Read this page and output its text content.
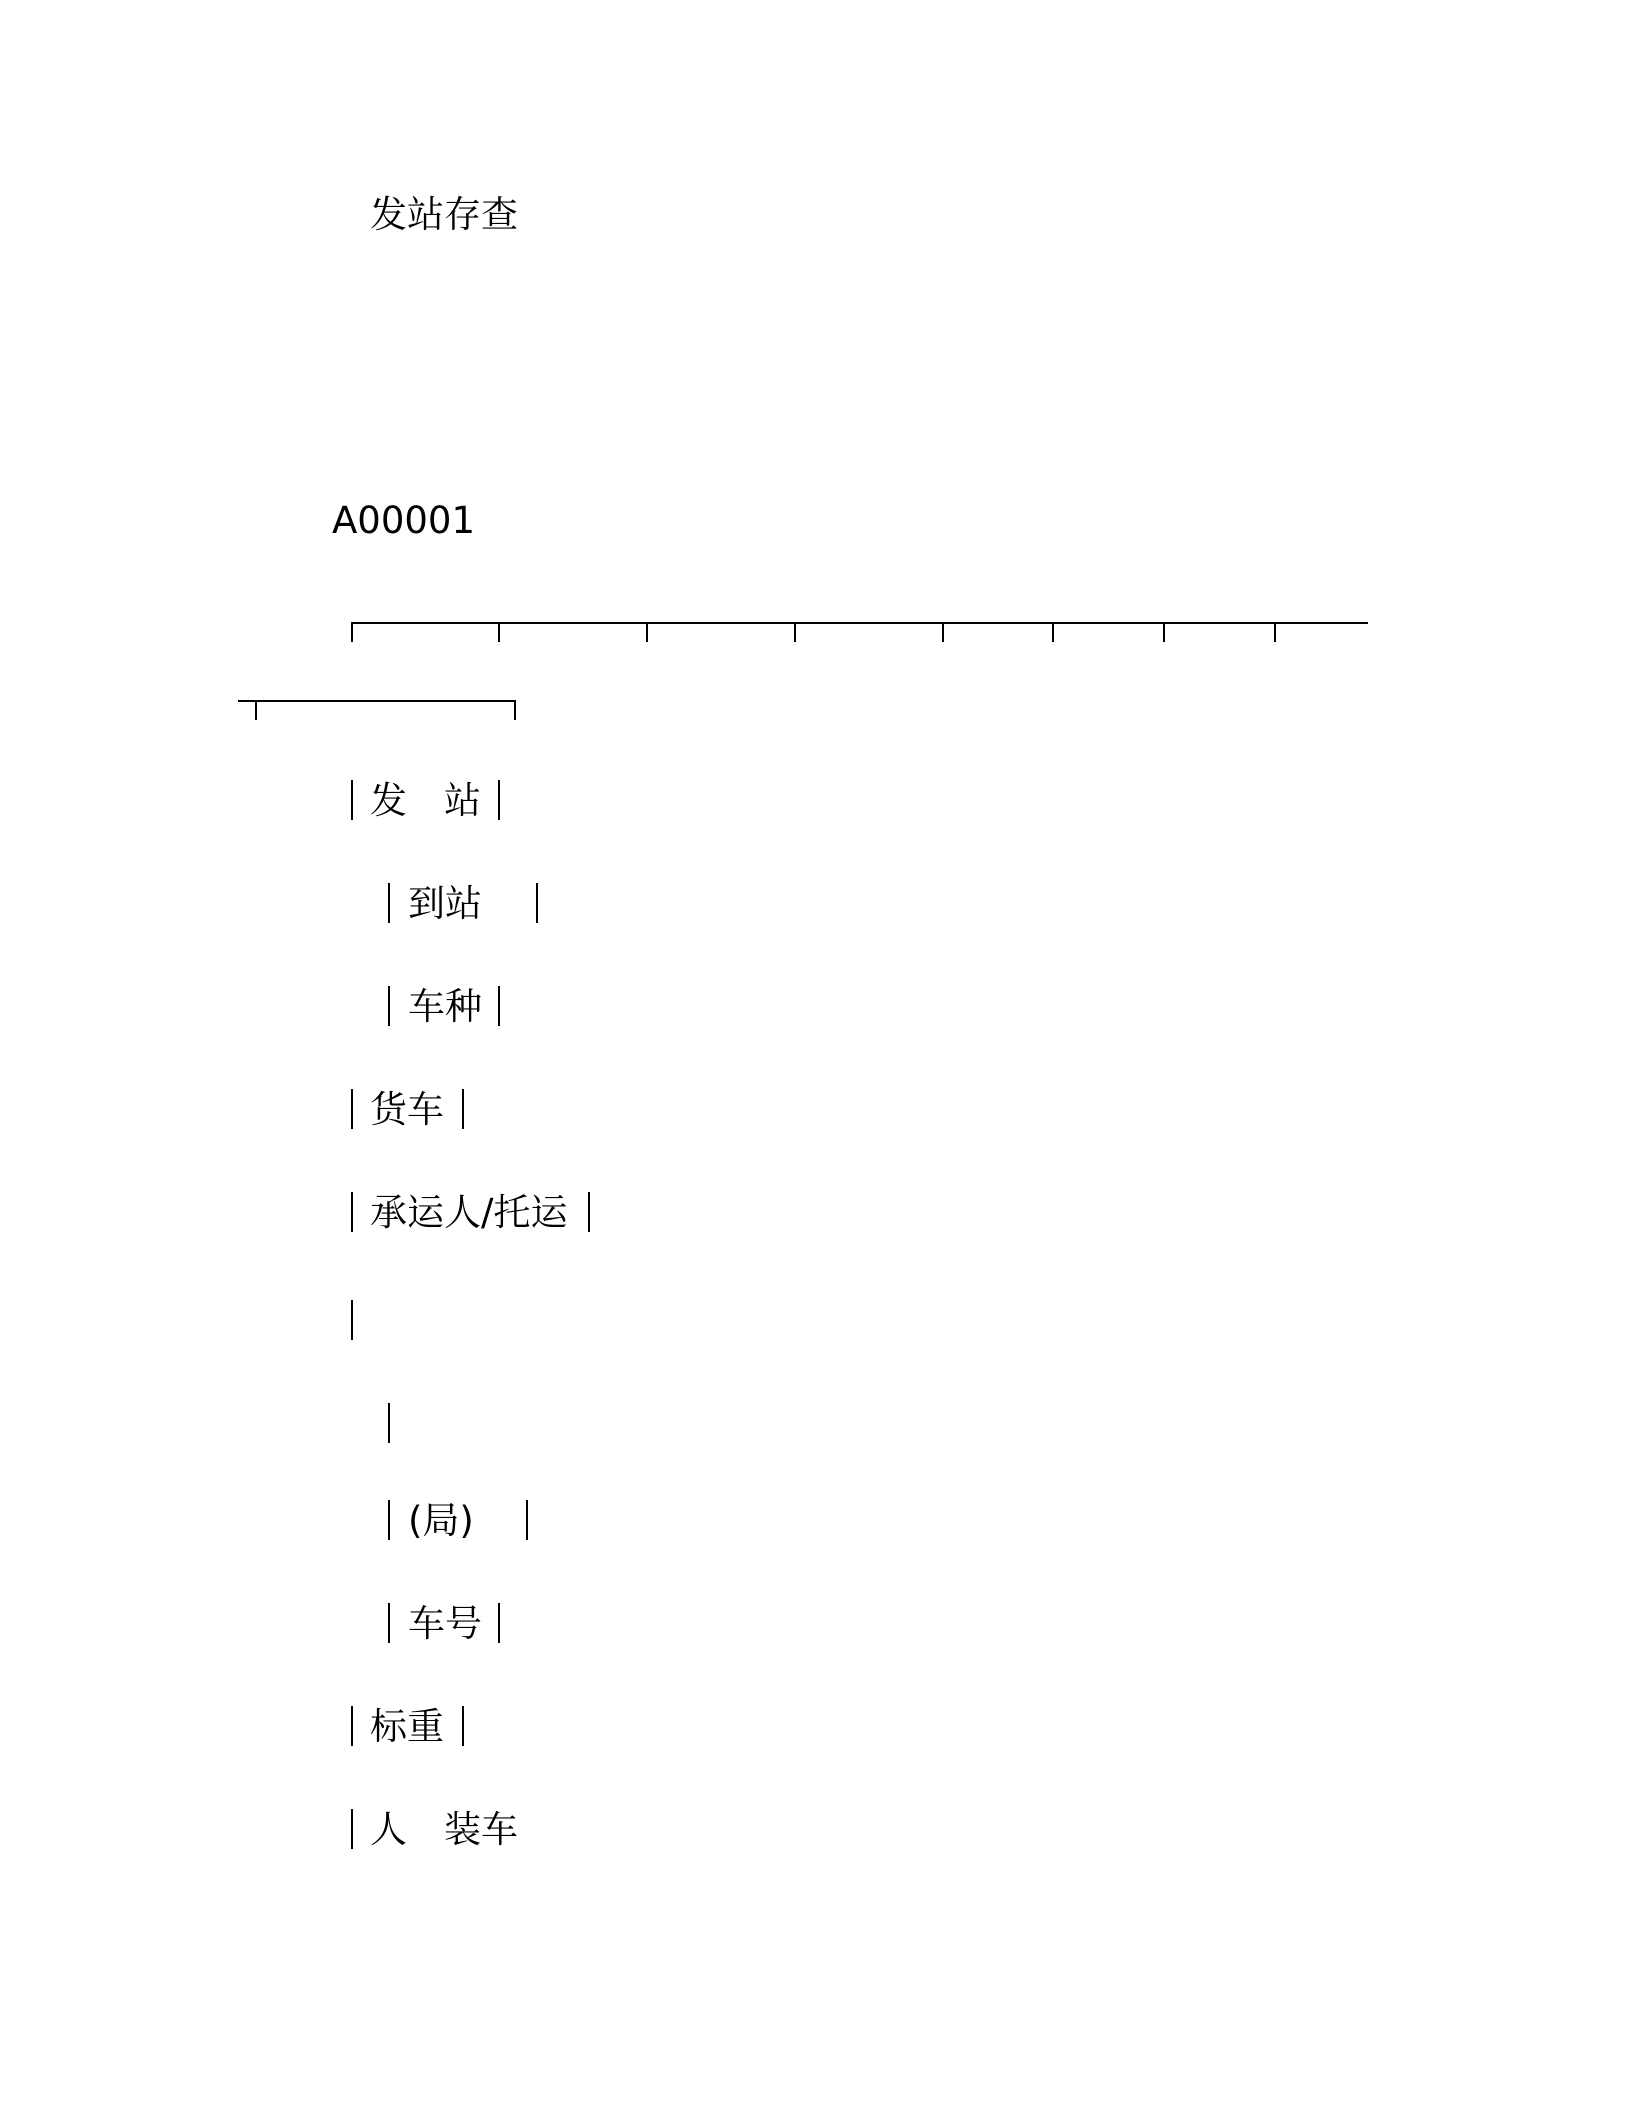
发站存查
A00001
发　站
到站
车种
货车
承运人/托运
(局)
车号
标重
人　装车
